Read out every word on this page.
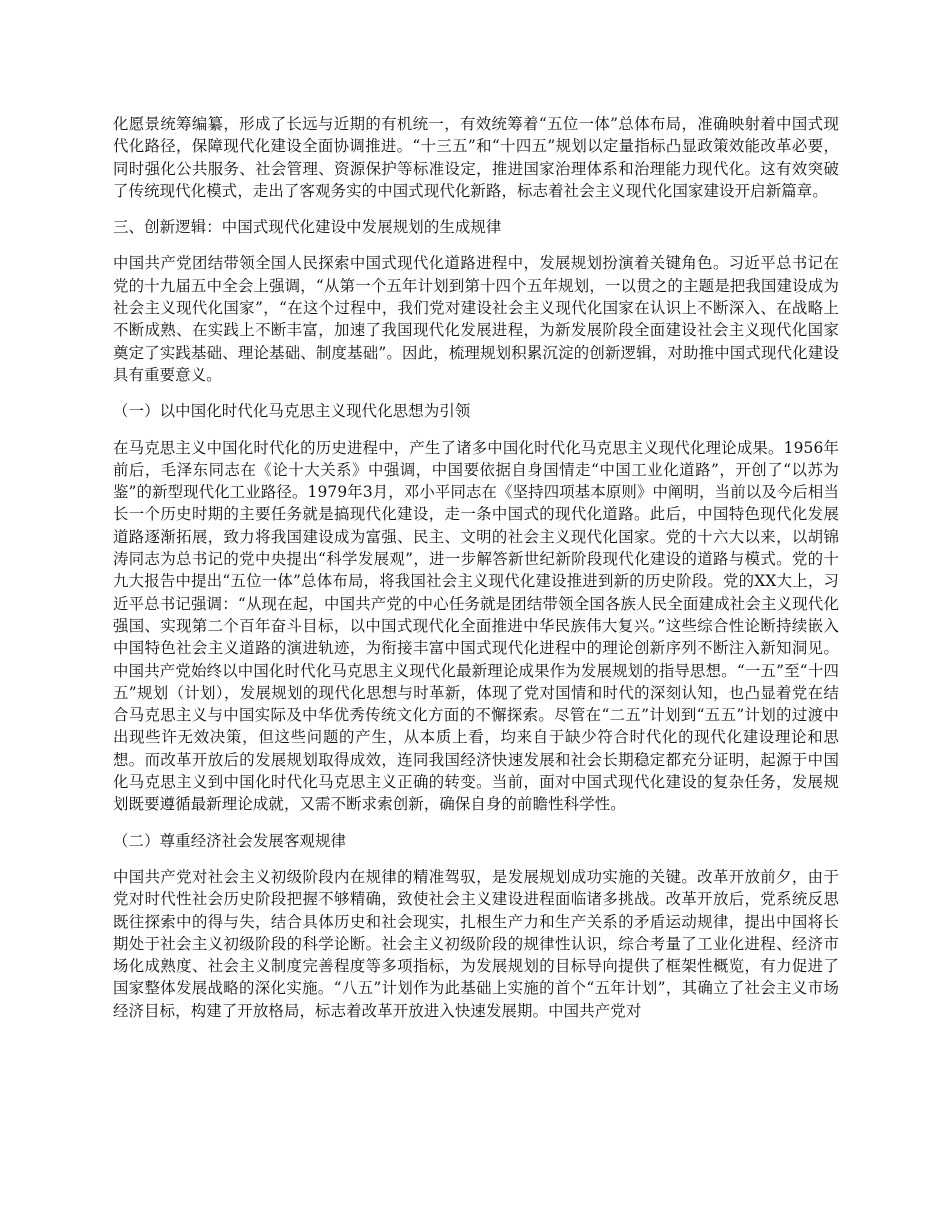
化愿景统筹编纂，形成了长远与近期的有机统一，有效统筹着“五位一体”总体布局，准确映射着中国式现代化路径，保障现代化建设全面协调推进。“十三五”和“十四五”规划以定量指标凸显政策效能改革必要，同时强化公共服务、社会管理、资源保护等标准设定，推进国家治理体系和治理能力现代化。这有效突破了传统现代化模式，走出了客观务实的中国式现代化新路，标志着社会主义现代化国家建设开启新篇章。

三、创新逻辑：中国式现代化建设中发展规划的生成规律

中国共产党团结带领全国人民探索中国式现代化道路进程中，发展规划扮演着关键角色。习近平总书记在党的十九届五中全会上强调，“从第一个五年计划到第十四个五年规划，一以贯之的主题是把我国建设成为社会主义现代化国家”，“在这个过程中，我们党对建设社会主义现代化国家在认识上不断深入、在战略上不断成熟、在实践上不断丰富，加速了我国现代化发展进程，为新发展阶段全面建设社会主义现代化国家奠定了实践基础、理论基础、制度基础”。因此，梳理规划积累沉淀的创新逻辑，对助推中国式现代化建设具有重要意义。

（一）以中国化时代化马克思主义现代化思想为引领

在马克思主义中国化时代化的历史进程中，产生了诸多中国化时代化马克思主义现代化理论成果。1956年前后，毛泽东同志在《论十大关系》中强调，中国要依据自身国情走“中国工业化道路”，开创了“以苏为鉴”的新型现代化工业路径。1979年3月，邓小平同志在《坚持四项基本原则》中阐明，当前以及今后相当长一个历史时期的主要任务就是搞现代化建设，走一条中国式的现代化道路。此后，中国特色现代化发展道路逐渐拓展，致力将我国建设成为富强、民主、文明的社会主义现代化国家。党的十六大以来，以胡锦涛同志为总书记的党中央提出“科学发展观”，进一步解答新世纪新阶段现代化建设的道路与模式。党的十九大报告中提出“五位一体”总体布局，将我国社会主义现代化建设推进到新的历史阶段。党的XX大上，习近平总书记强调：“从现在起，中国共产党的中心任务就是团结带领全国各族人民全面建成社会主义现代化强国、实现第二个百年奋斗目标，以中国式现代化全面推进中华民族伟大复兴。”这些综合性论断持续嵌入中国特色社会主义道路的演进轨迹，为衔接丰富中国式现代化进程中的理论创新序列不断注入新知洞见。中国共产党始终以中国化时代化马克思主义现代化最新理论成果作为发展规划的指导思想。“一五”至“十四五”规划（计划），发展规划的现代化思想与时革新，体现了党对国情和时代的深刻认知，也凸显着党在结合马克思主义与中国实际及中华优秀传统文化方面的不懈探索。尽管在“二五”计划到“五五”计划的过渡中出现些许无效决策，但这些问题的产生，从本质上看，均来自于缺少符合时代化的现代化建设理论和思想。而改革开放后的发展规划取得成效，连同我国经济快速发展和社会长期稳定都充分证明，起源于中国化马克思主义到中国化时代化马克思主义正确的转变。当前，面对中国式现代化建设的复杂任务，发展规划既要遵循最新理论成就，又需不断求索创新，确保自身的前瞻性科学性。

（二）尊重经济社会发展客观规律

中国共产党对社会主义初级阶段内在规律的精准驾驭，是发展规划成功实施的关键。改革开放前夕，由于党对时代性社会历史阶段把握不够精确，致使社会主义建设进程面临诸多挑战。改革开放后，党系统反思既往探索中的得与失，结合具体历史和社会现实，扎根生产力和生产关系的矛盾运动规律，提出中国将长期处于社会主义初级阶段的科学论断。社会主义初级阶段的规律性认识，综合考量了工业化进程、经济市场化成熟度、社会主义制度完善程度等多项指标，为发展规划的目标导向提供了框架性概览，有力促进了国家整体发展战略的深化实施。“八五”计划作为此基础上实施的首个“五年计划”，其确立了社会主义市场经济目标，构建了开放格局，标志着改革开放进入快速发展期。中国共产党对
